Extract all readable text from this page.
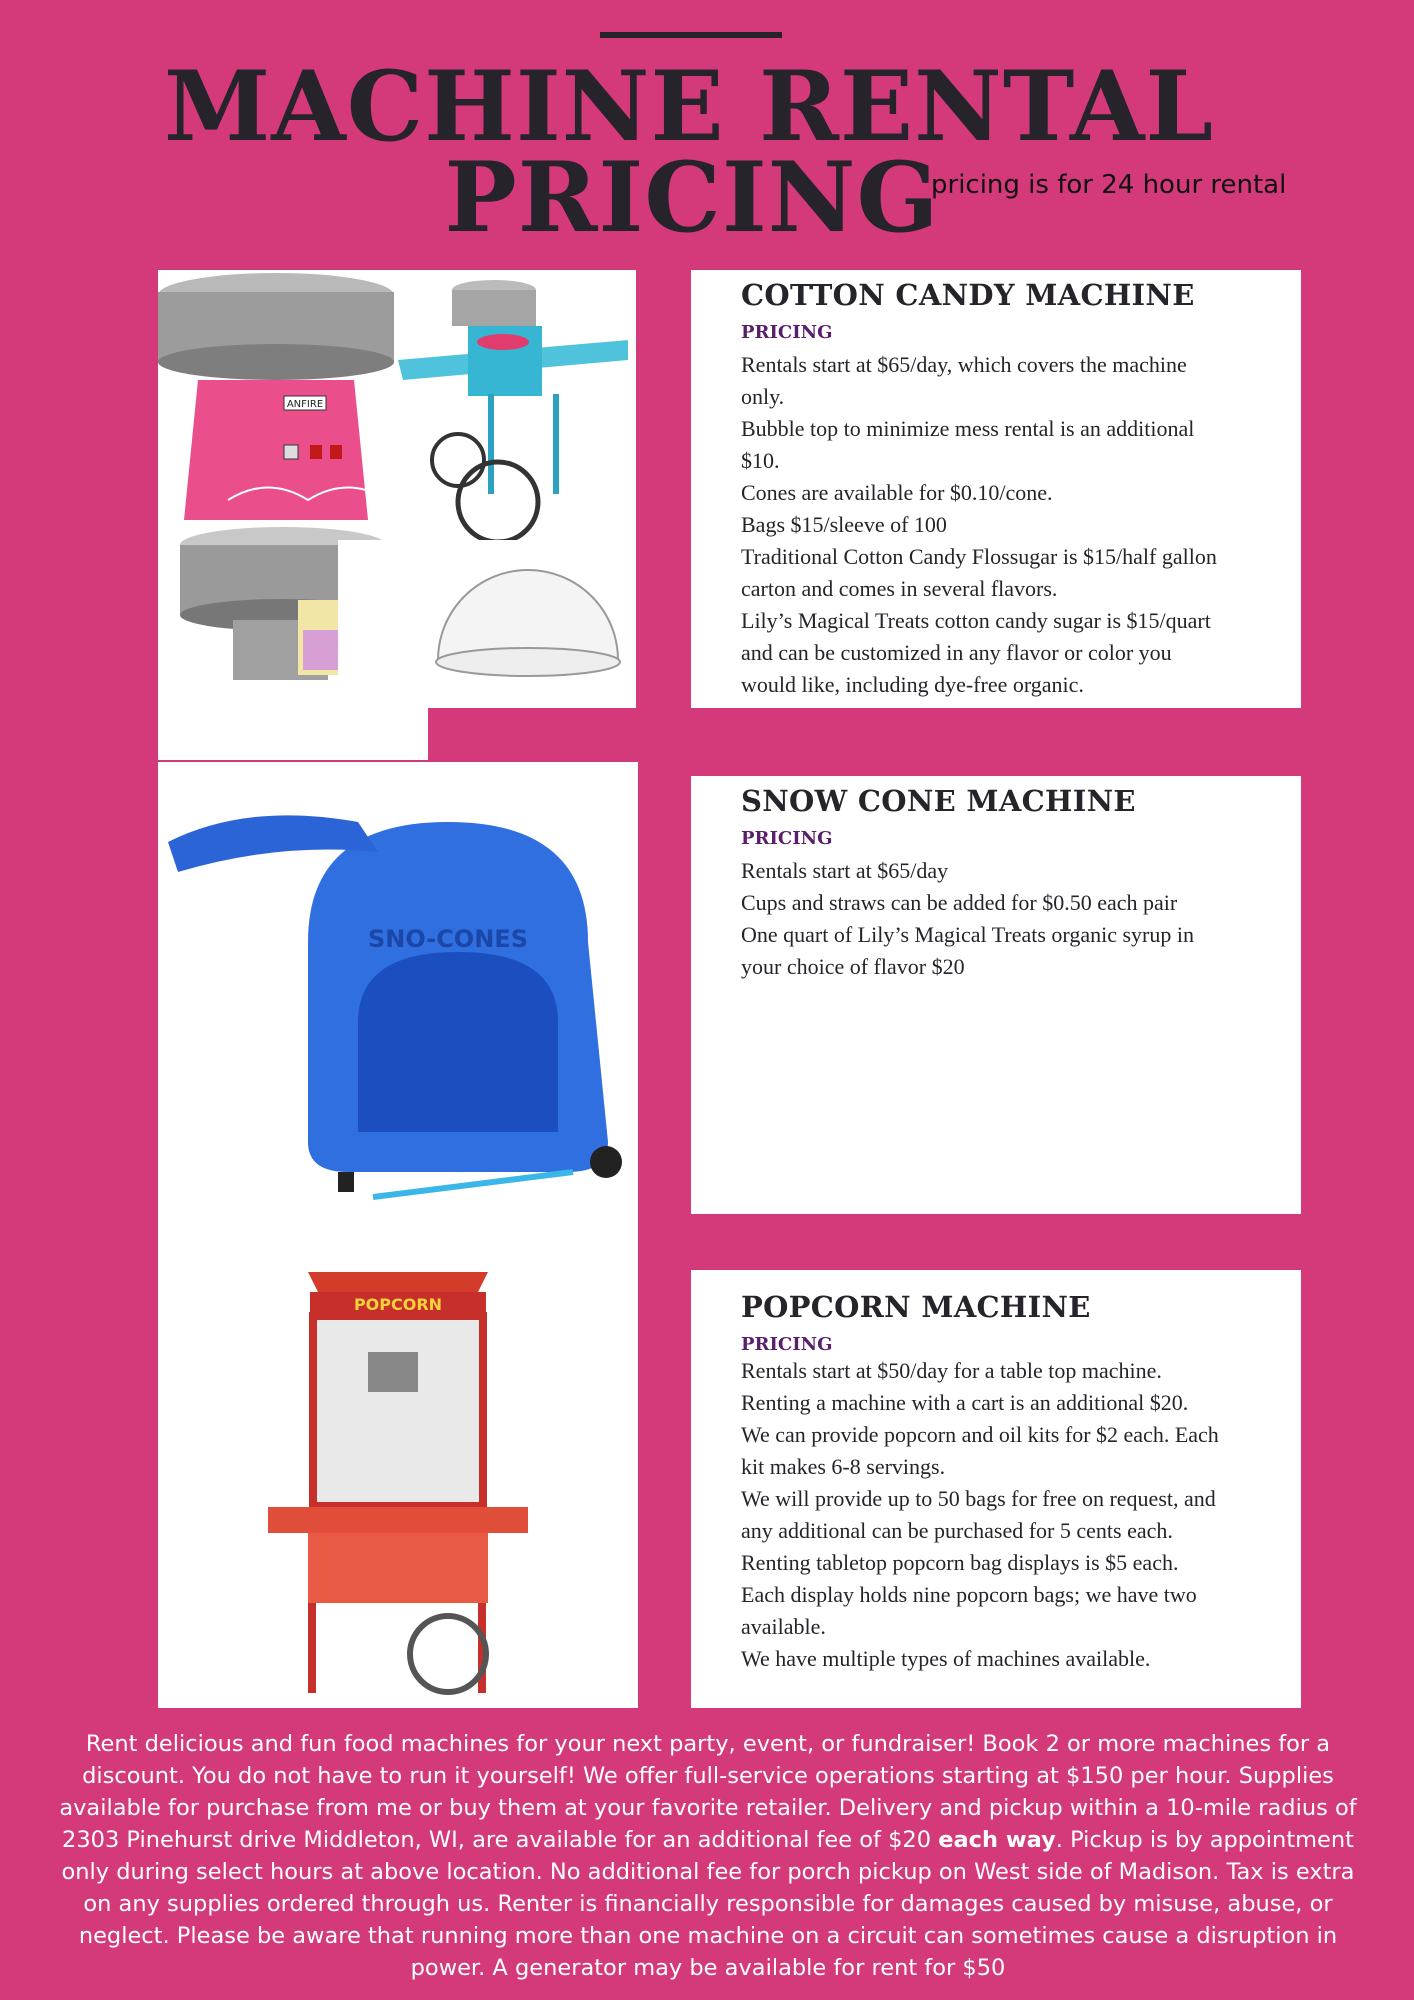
MACHINE RENTAL
PRICING
pricing is for 24 hour rental
ANFIRE
SNO-CONES
POPCORN
COTTON CANDY MACHINE
PRICING
Rentals start at $65/day, which covers the machine
only.
Bubble top to minimize mess rental is an additional
$10.
Cones are available for $0.10/cone.
Bags $15/sleeve of 100
Traditional Cotton Candy Flossugar is $15/half gallon
carton and comes in several flavors.
Lily’s Magical Treats cotton candy sugar is $15/quart
and can be customized in any flavor or color you
would like, including dye-free organic.
SNOW CONE MACHINE
PRICING
Rentals start at $65/day
Cups and straws can be added for $0.50 each pair
One quart of Lily’s Magical Treats organic syrup in
your choice of flavor $20
POPCORN MACHINE
PRICING
Rentals start at $50/day for a table top machine.
Renting a machine with a cart is an additional $20.
We can provide popcorn and oil kits for $2 each. Each
kit makes 6-8 servings.
We will provide up to 50 bags for free on request, and
any additional can be purchased for 5 cents each.
Renting tabletop popcorn bag displays is $5 each.
Each display holds nine popcorn bags; we have two
available.
We have multiple types of machines available.
Rent delicious and fun food machines for your next party, event, or fundraiser! Book 2 or more machines for a discount. You do not have to run it yourself! We offer full-service operations starting at $150 per hour. Supplies available for purchase from me or buy them at your favorite retailer. Delivery and pickup within a 10-mile radius of 2303 Pinehurst drive Middleton, WI, are available for an additional fee of $20 each way. Pickup is by appointment only during select hours at above location. No additional fee for porch pickup on West side of Madison. Tax is extra on any supplies ordered through us. Renter is financially responsible for damages caused by misuse, abuse, or neglect. Please be aware that running more than one machine on a circuit can sometimes cause a disruption in power. A generator may be available for rent for $50
